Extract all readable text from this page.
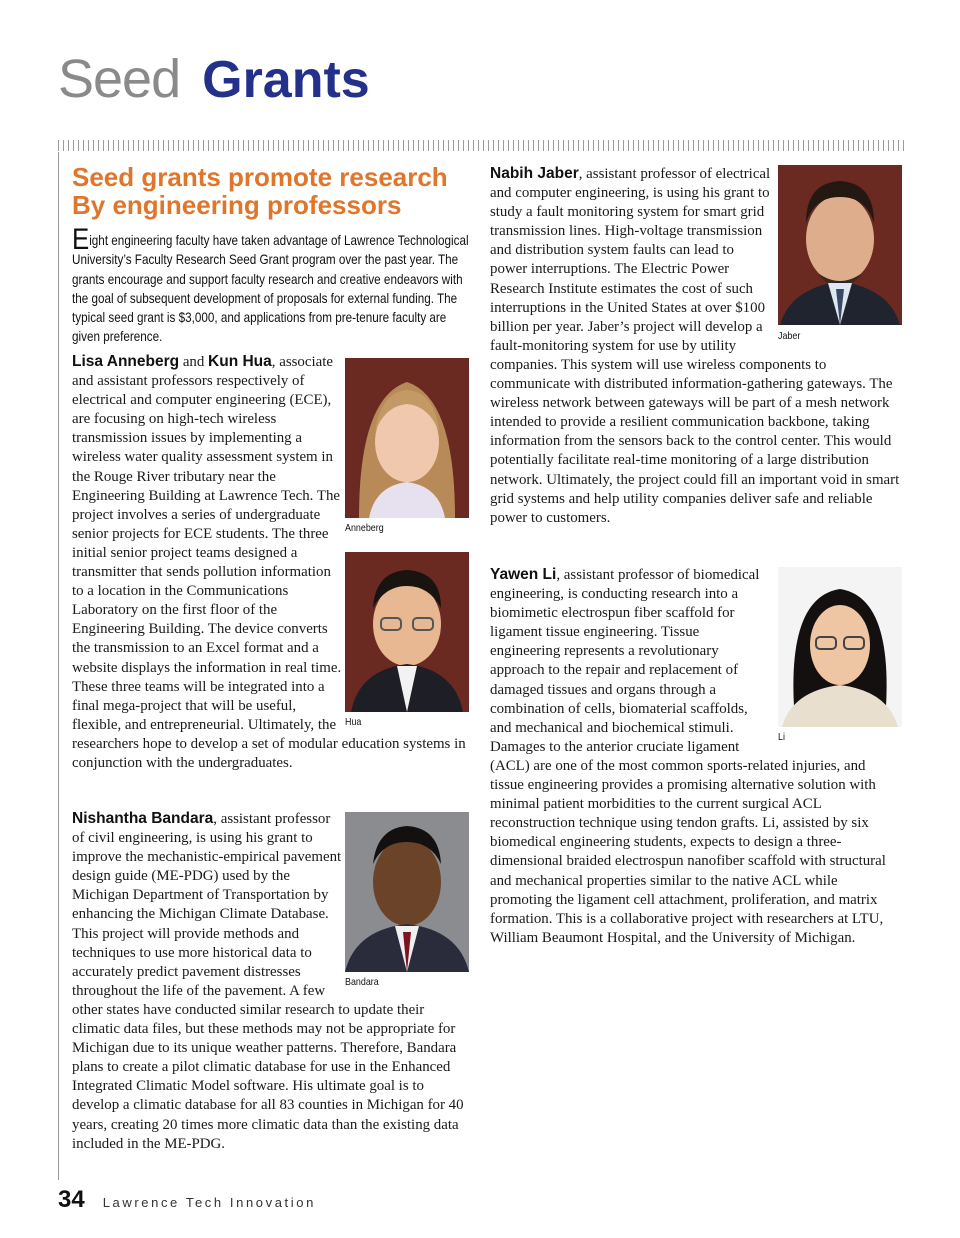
Seed Grants
Seed grants promote research
By engineering professors
Eight engineering faculty have taken advantage of Lawrence Technological University’s Faculty Research Seed Grant program over the past year. The grants encourage and support faculty research and creative endeavors with the goal of subsequent development of proposals for external funding. The typical seed grant is $3,000, and applications from pre-tenure faculty are given preference.
Anneberg
Hua

Lisa Anneberg and Kun Hua, associate and assistant professors respectively of electrical and computer engineering (ECE), are focusing on high-tech wireless transmission issues by implementing a wireless water quality assessment system in the Rouge River tributary near the Engineering Building at Lawrence Tech. The project involves a series of undergraduate senior projects for ECE students. The three initial senior project teams designed a transmitter that sends pollution information to a location in the Communications Laboratory on the first floor of the Engineering Building. The device converts the transmission to an Excel format and a website displays the information in real time. These three teams will be integrated into a final mega-project that will be useful, flexible, and entrepreneurial. Ultimately, the researchers hope to develop a set of modular education systems in conjunction with the undergraduates.

Bandara

Nishantha Bandara, assistant professor of civil engineering, is using his grant to improve the mechanistic-empirical pavement design guide (ME-PDG) used by the Michigan Department of Transportation by enhancing the Michigan Climate Database. This project will provide methods and techniques to use more historical data to accurately predict pavement distresses throughout the life of the pavement. A few other states have conducted similar research to update their climatic data files, but these methods may not be appropriate for Michigan due to its unique weather patterns. Therefore, Bandara plans to create a pilot climatic database for use in the Enhanced Integrated Climatic Model software. His ultimate goal is to develop a climatic database for all 83 counties in Michigan for 40 years, creating 20 times more climatic data than the existing data included in the ME-PDG.

Jaber

Nabih Jaber, assistant professor of electrical and computer engineering, is using his grant to study a fault monitoring system for smart grid transmission lines. High-voltage transmission and distribution system faults can lead to power interruptions. The Electric Power Research Institute estimates the cost of such interruptions in the United States at over $100 billion per year. Jaber’s project will develop a fault-monitoring system for use by utility companies. This system will use wireless components to communicate with distributed information-gathering gateways. The wireless network between gateways will be part of a mesh network intended to provide a resilient communication backbone, taking information from the sensors back to the control center. This would potentially facilitate real-time monitoring of a large distribution network. Ultimately, the project could fill an important void in smart grid systems and help utility companies deliver safe and reliable power to customers.

Li

Yawen Li, assistant professor of biomedical engineering, is conducting research into a biomimetic electrospun fiber scaffold for ligament tissue engineering. Tissue engineering represents a revolutionary approach to the repair and replacement of damaged tissues and organs through a combination of cells, biomaterial scaffolds, and mechanical and biochemical stimuli. Damages to the anterior cruciate ligament (ACL) are one of the most common sports-related injuries, and tissue engineering provides a promising alternative solution with minimal patient morbidities to the current surgical ACL reconstruction technique using tendon grafts. Li, assisted by six biomedical engineering students, expects to design a three-dimensional braided electrospun nanofiber scaffold with structural and mechanical properties similar to the native ACL while promoting the ligament cell attachment, proliferation, and matrix formation. This is a collaborative project with researchers at LTU, William Beaumont Hospital, and the University of Michigan.

34 Lawrence Tech Innovation
